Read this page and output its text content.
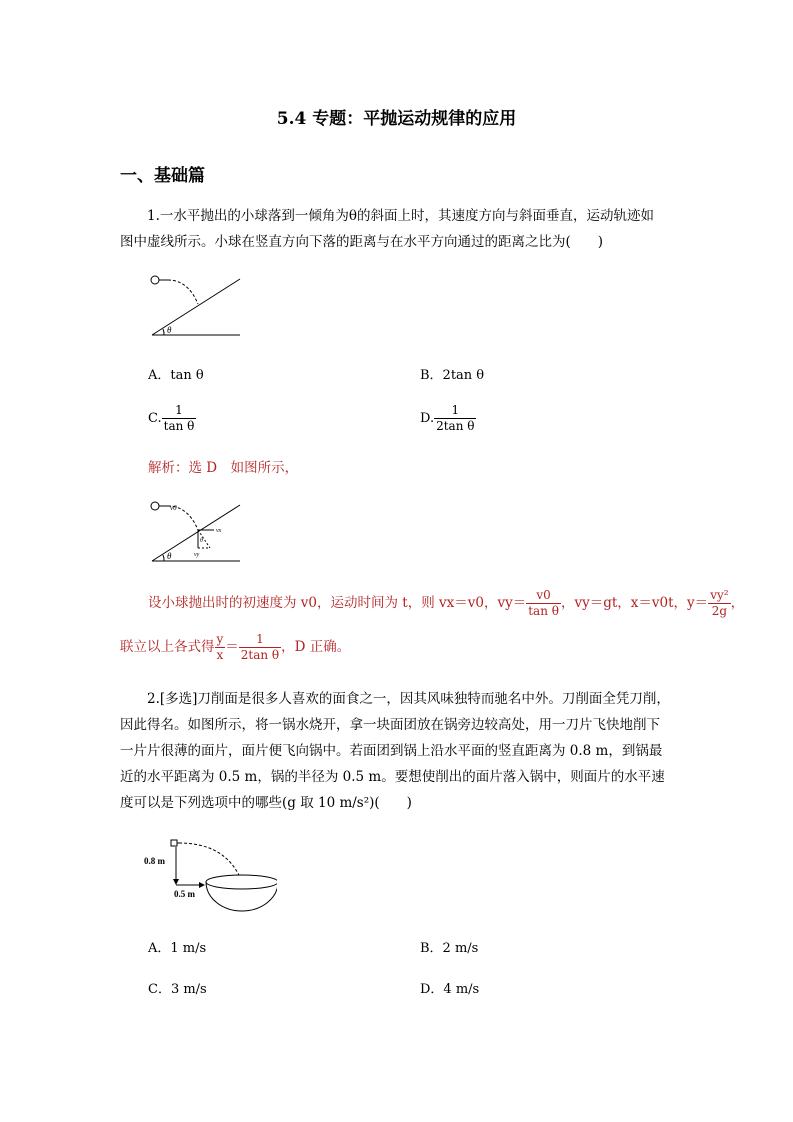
5.4 专题：平抛运动规律的应用
一、基础篇
1.一水平抛出的小球落到一倾角为θ的斜面上时，其速度方向与斜面垂直，运动轨迹如
图中虚线所示。小球在竖直方向下落的距离与在水平方向通过的距离之比为(　　)
θ
A．tan θ	B．2tan θ
C. $\frac{1}{\text{tan θ}}$	D. $\frac{1}{\text{2tan θ}}$
解析：选 D　如图所示，
v0
vx
vy
θ
θ
设小球抛出时的初速度为 v0，运动时间为 t，则 vx＝v0，$vy= \frac{v0}{\text{tan θ}}$ ，vy＝gt，x＝v0t，$y= \frac{\text{vy²}}{2g}$ ，
联立以上各式得 $\frac{y}{x} = \frac{1}{\text{2tan θ}}$ ，D 正确。
2.[多选]刀削面是很多人喜欢的面食之一，因其风味独特而驰名中外。刀削面全凭刀削，
因此得名。如图所示，将一锅水烧开，拿一块面团放在锅旁边较高处，用一刀片飞快地削下
一片片很薄的面片，面片便飞向锅中。若面团到锅上沿水平面的竖直距离为 0.8 m，到锅最
近的水平距离为 0.5 m，锅的半径为 0.5 m。要想使削出的面片落入锅中，则面片的水平速
度可以是下列选项中的哪些(g 取 10 m/s²)(　　)
0.8 m
0.5 m
A．1 m/s	B．2 m/s
C．3 m/s	D．4 m/s
